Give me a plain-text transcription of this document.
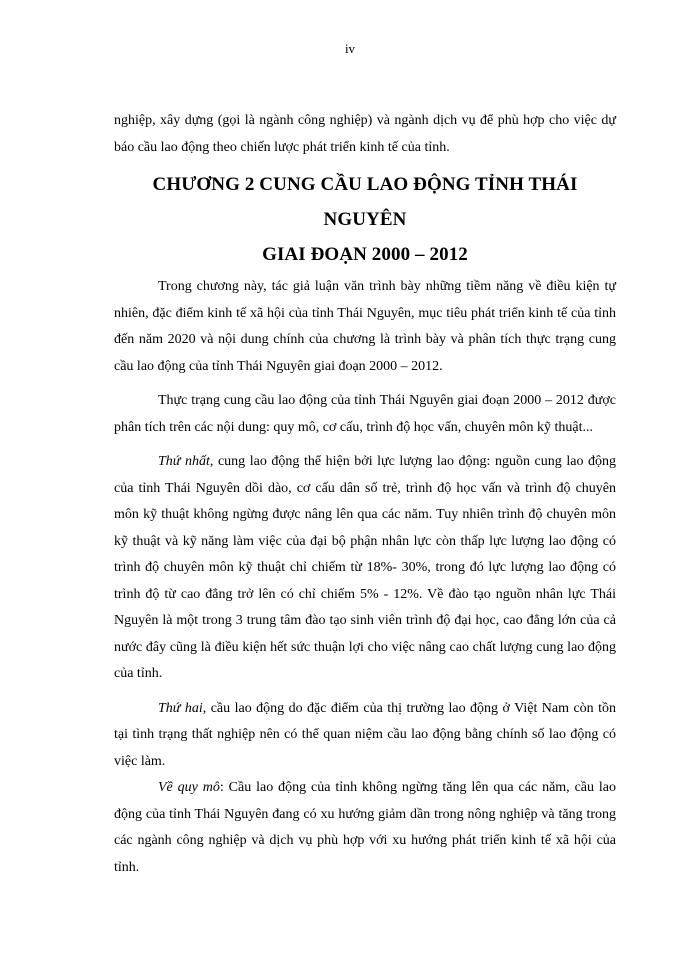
iv

nghiệp, xây dựng (gọi là ngành công nghiệp) và ngành dịch vụ để phù hợp cho việc dự báo cầu lao động theo chiến lược phát triển kinh tế của tỉnh.

CHƯƠNG 2 CUNG CẦU LAO ĐỘNG TỈNH THÁI NGUYÊN
GIAI ĐOẠN 2000 – 2012

Trong chương này, tác giả luận văn trình bày những tiềm năng về điều kiện tự nhiên, đặc điểm kinh tế xã hội của tỉnh Thái Nguyên, mục tiêu phát triển kinh tế của tỉnh đến năm 2020 và nội dung chính của chương là trình bày và phân tích thực trạng cung cầu lao động của tỉnh Thái Nguyên giai đoạn 2000 – 2012.

Thực trạng cung cầu lao động của tỉnh Thái Nguyên giai đoạn 2000 – 2012 được phân tích trên các nội dung: quy mô, cơ cấu, trình độ học vấn, chuyên môn kỹ thuật...

Thứ nhất, cung lao động thể hiện bởi lực lượng lao động: nguồn cung lao động của tỉnh Thái Nguyên dồi dào, cơ cấu dân số trẻ, trình độ học vấn và trình độ chuyên môn kỹ thuật không ngừng được nâng lên qua các năm. Tuy nhiên trình độ chuyên môn kỹ thuật và kỹ năng làm việc của đại bộ phận nhân lực còn thấp lực lượng lao động có trình độ chuyên môn kỹ thuật chỉ chiếm từ 18%- 30%, trong đó lực lượng lao động có trình độ từ cao đẳng trở lên có chỉ chiếm 5% - 12%. Về đào tạo nguồn nhân lực Thái Nguyên là một trong 3 trung tâm đào tạo sinh viên trình độ đại học, cao đẳng lớn của cả nước đây cũng là điều kiện hết sức thuận lợi cho việc nâng cao chất lượng cung lao động của tỉnh.

Thứ hai, cầu lao động do đặc điểm của thị trường lao động ở Việt Nam còn tồn tại tình trạng thất nghiệp nên có thể quan niệm cầu lao động bằng chính số lao động có việc làm.

Về quy mô: Cầu lao động của tỉnh không ngừng tăng lên qua các năm, cầu lao động của tỉnh Thái Nguyên đang có xu hướng giảm dần trong nông nghiệp và tăng trong các ngành công nghiệp và dịch vụ phù hợp với xu hướng phát triển kinh tế xã hội của tỉnh.
